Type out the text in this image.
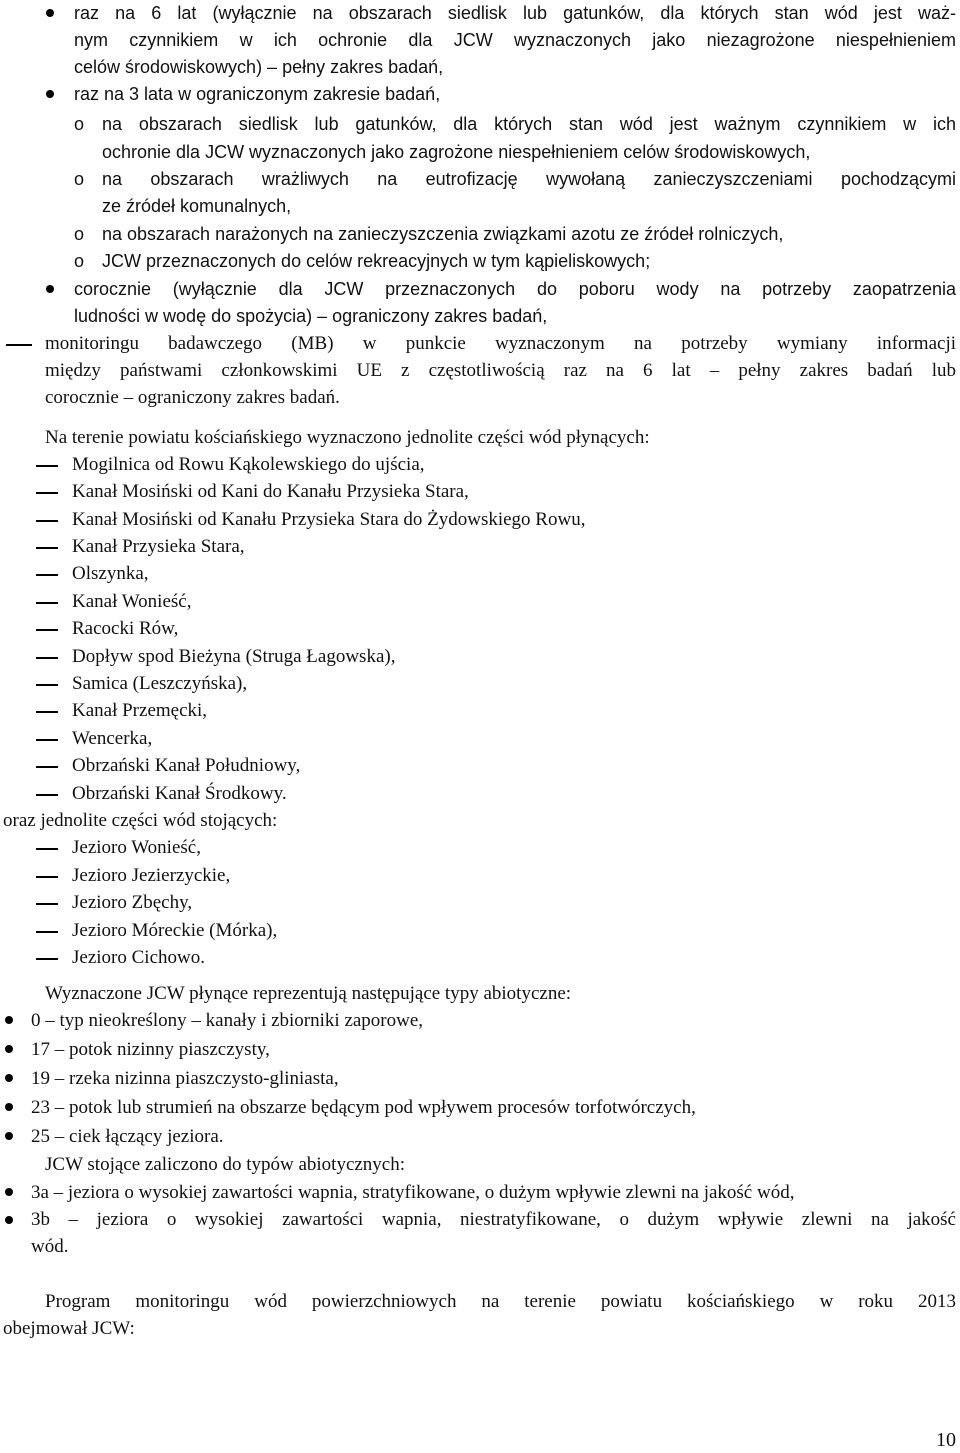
raz na 6 lat (wyłącznie na obszarach siedlisk lub gatunków, dla których stan wód jest waż-
nym czynnikiem w ich ochronie dla JCW wyznaczonych jako niezagrożone niespełnieniem
celów środowiskowych) – pełny zakres badań,
raz na 3 lata w ograniczonym zakresie badań,
o na obszarach siedlisk lub gatunków, dla których stan wód jest ważnym czynnikiem w ich
ochronie dla JCW wyznaczonych jako zagrożone niespełnieniem celów środowiskowych,
o na obszarach wrażliwych na eutrofizację wywołaną zanieczyszczeniami pochodzącymi
ze źródeł komunalnych,
o na obszarach narażonych na zanieczyszczenia związkami azotu ze źródeł rolniczych,
o JCW przeznaczonych do celów rekreacyjnych w tym kąpieliskowych;
corocznie (wyłącznie dla JCW przeznaczonych do poboru wody na potrzeby zaopatrzenia
ludności w wodę do spożycia) – ograniczony zakres badań,
monitoringu badawczego (MB) w punkcie wyznaczonym na potrzeby wymiany informacji
między państwami członkowskimi UE z częstotliwością raz na 6 lat – pełny zakres badań lub
corocznie – ograniczony zakres badań.
Na terenie powiatu kościańskiego wyznaczono jednolite części wód płynących:
Mogilnica od Rowu Kąkolewskiego do ujścia,
Kanał Mosiński od Kani do Kanału Przysieka Stara,
Kanał Mosiński od Kanału Przysieka Stara do Żydowskiego Rowu,
Kanał Przysieka Stara,
Olszynka,
Kanał Wonieść,
Racocki Rów,
Dopływ spod Bieżyna (Struga Łagowska),
Samica (Leszczyńska),
Kanał Przemęcki,
Wencerka,
Obrzański Kanał Południowy,
Obrzański Kanał Środkowy.
oraz jednolite części wód stojących:
Jezioro Wonieść,
Jezioro Jezierzyckie,
Jezioro Zbęchy,
Jezioro Móreckie (Mórka),
Jezioro Cichowo.
Wyznaczone JCW płynące reprezentują następujące typy abiotyczne:
0 – typ nieokreślony – kanały i zbiorniki zaporowe,
17 – potok nizinny piaszczysty,
19 – rzeka nizinna piaszczysto-gliniasta,
23 – potok lub strumień na obszarze będącym pod wpływem procesów torfotwórczych,
25 – ciek łączący jeziora.
JCW stojące zaliczono do typów abiotycznych:
3a – jeziora o wysokiej zawartości wapnia, stratyfikowane, o dużym wpływie zlewni na jakość wód,
3b – jeziora o wysokiej zawartości wapnia, niestratyfikowane, o dużym wpływie zlewni na jakość
wód.
Program monitoringu wód powierzchniowych na terenie powiatu kościańskiego w roku 2013
obejmował JCW:
10
